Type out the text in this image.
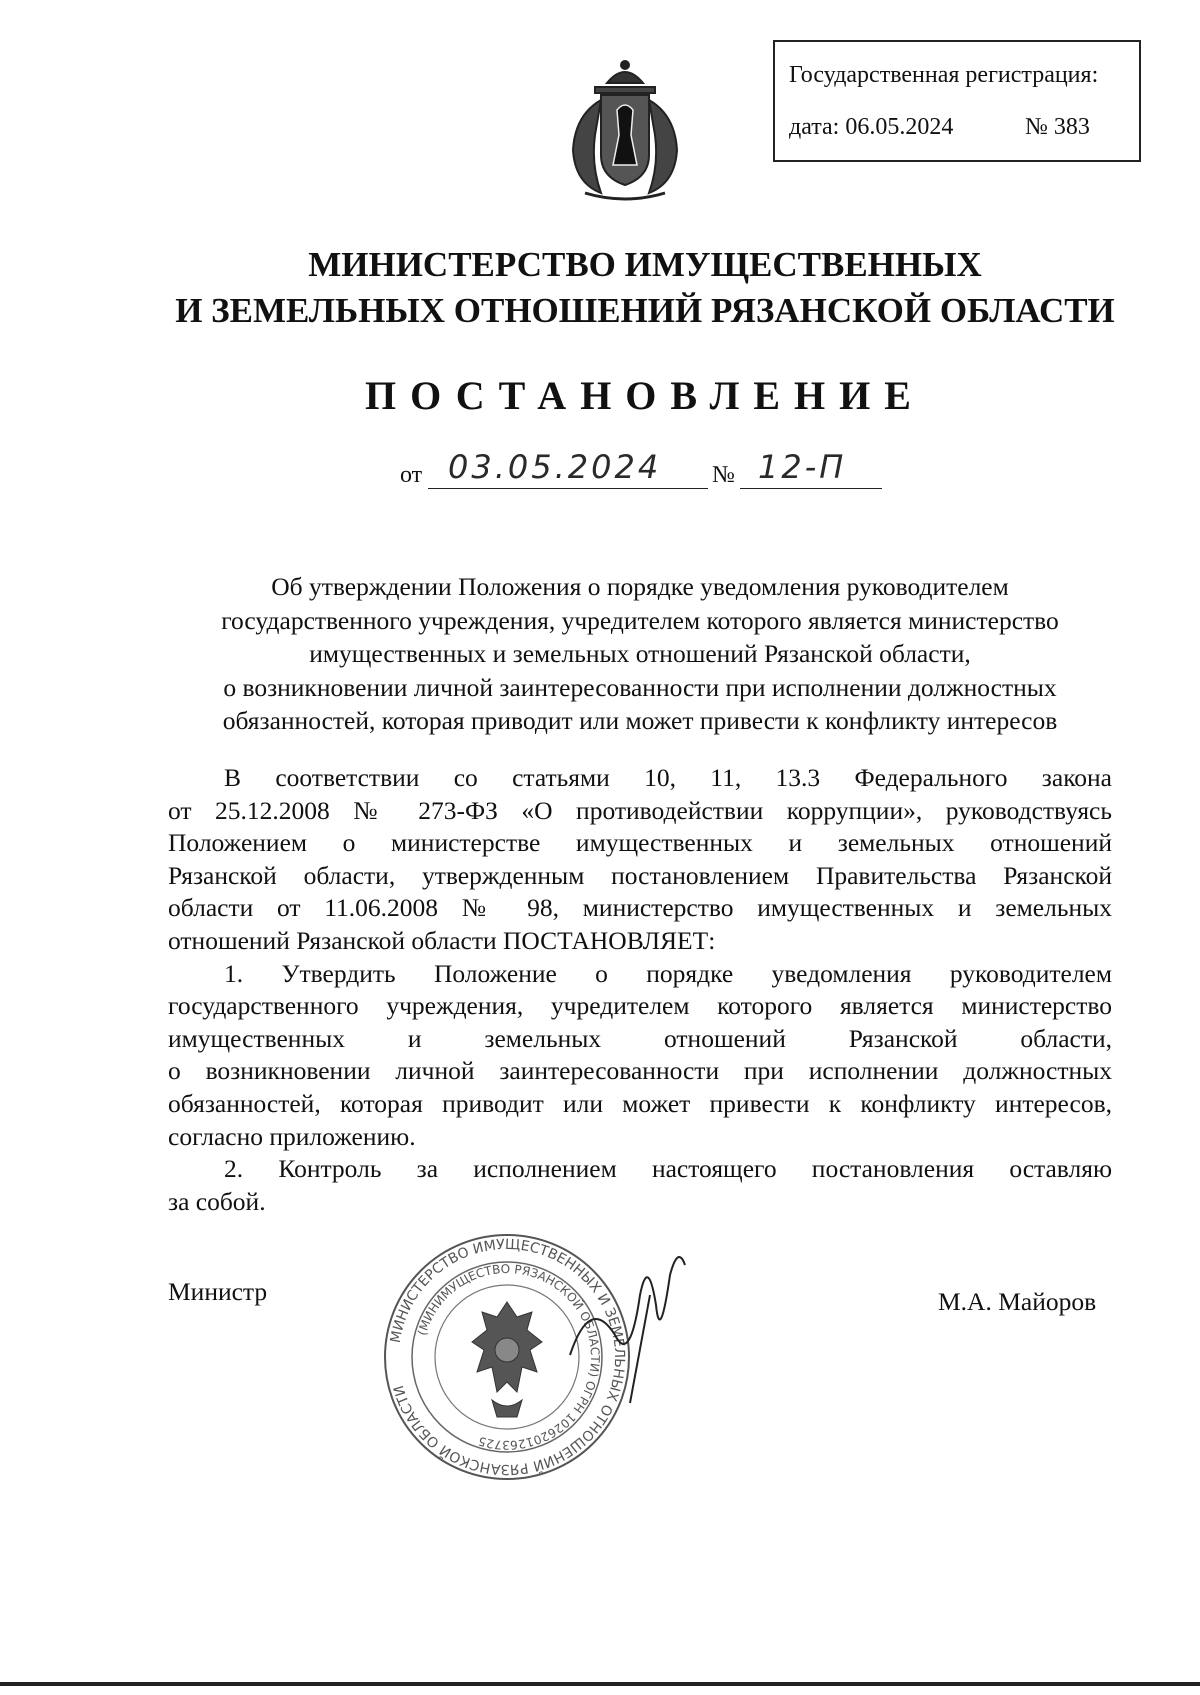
Государственная регистрация:
дата: 06.05.2024	№ 383
МИНИСТЕРСТВО ИМУЩЕСТВЕННЫХ
И ЗЕМЕЛЬНЫХ ОТНОШЕНИЙ РЯЗАНСКОЙ ОБЛАСТИ
ПОСТАНОВЛЕНИЕ
от 03.05.2024 № 12-П
Об утверждении Положения о порядке уведомления руководителем
государственного учреждения, учредителем которого является министерство
имущественных и земельных отношений Рязанской области,
о возникновении личной заинтересованности при исполнении должностных
обязанностей, которая приводит или может привести к конфликту интересов
В соответствии со статьями 10, 11, 13.3 Федерального закона
от 25.12.2008 № 273-ФЗ «О противодействии коррупции», руководствуясь
Положением о министерстве имущественных и земельных отношений
Рязанской области, утвержденным постановлением Правительства Рязанской
области от 11.06.2008 № 98, министерство имущественных и земельных
отношений Рязанской области ПОСТАНОВЛЯЕТ:
1. Утвердить Положение о порядке уведомления руководителем
государственного учреждения, учредителем которого является министерство
имущественных и земельных отношений Рязанской области,
о возникновении личной заинтересованности при исполнении должностных
обязанностей, которая приводит или может привести к конфликту интересов,
согласно приложению.
2. Контроль за исполнением настоящего постановления оставляю
за собой.
Министр
МИНИСТЕРСТВО ИМУЩЕСТВЕННЫХ И ЗЕМЕЛЬНЫХ ОТНОШЕНИЙ РЯЗАНСКОЙ ОБЛАСТИ
(МИНИМУЩЕСТВО РЯЗАНСКОЙ ОБЛАСТИ) ОГРН 1026201263725
М.А. Майоров
